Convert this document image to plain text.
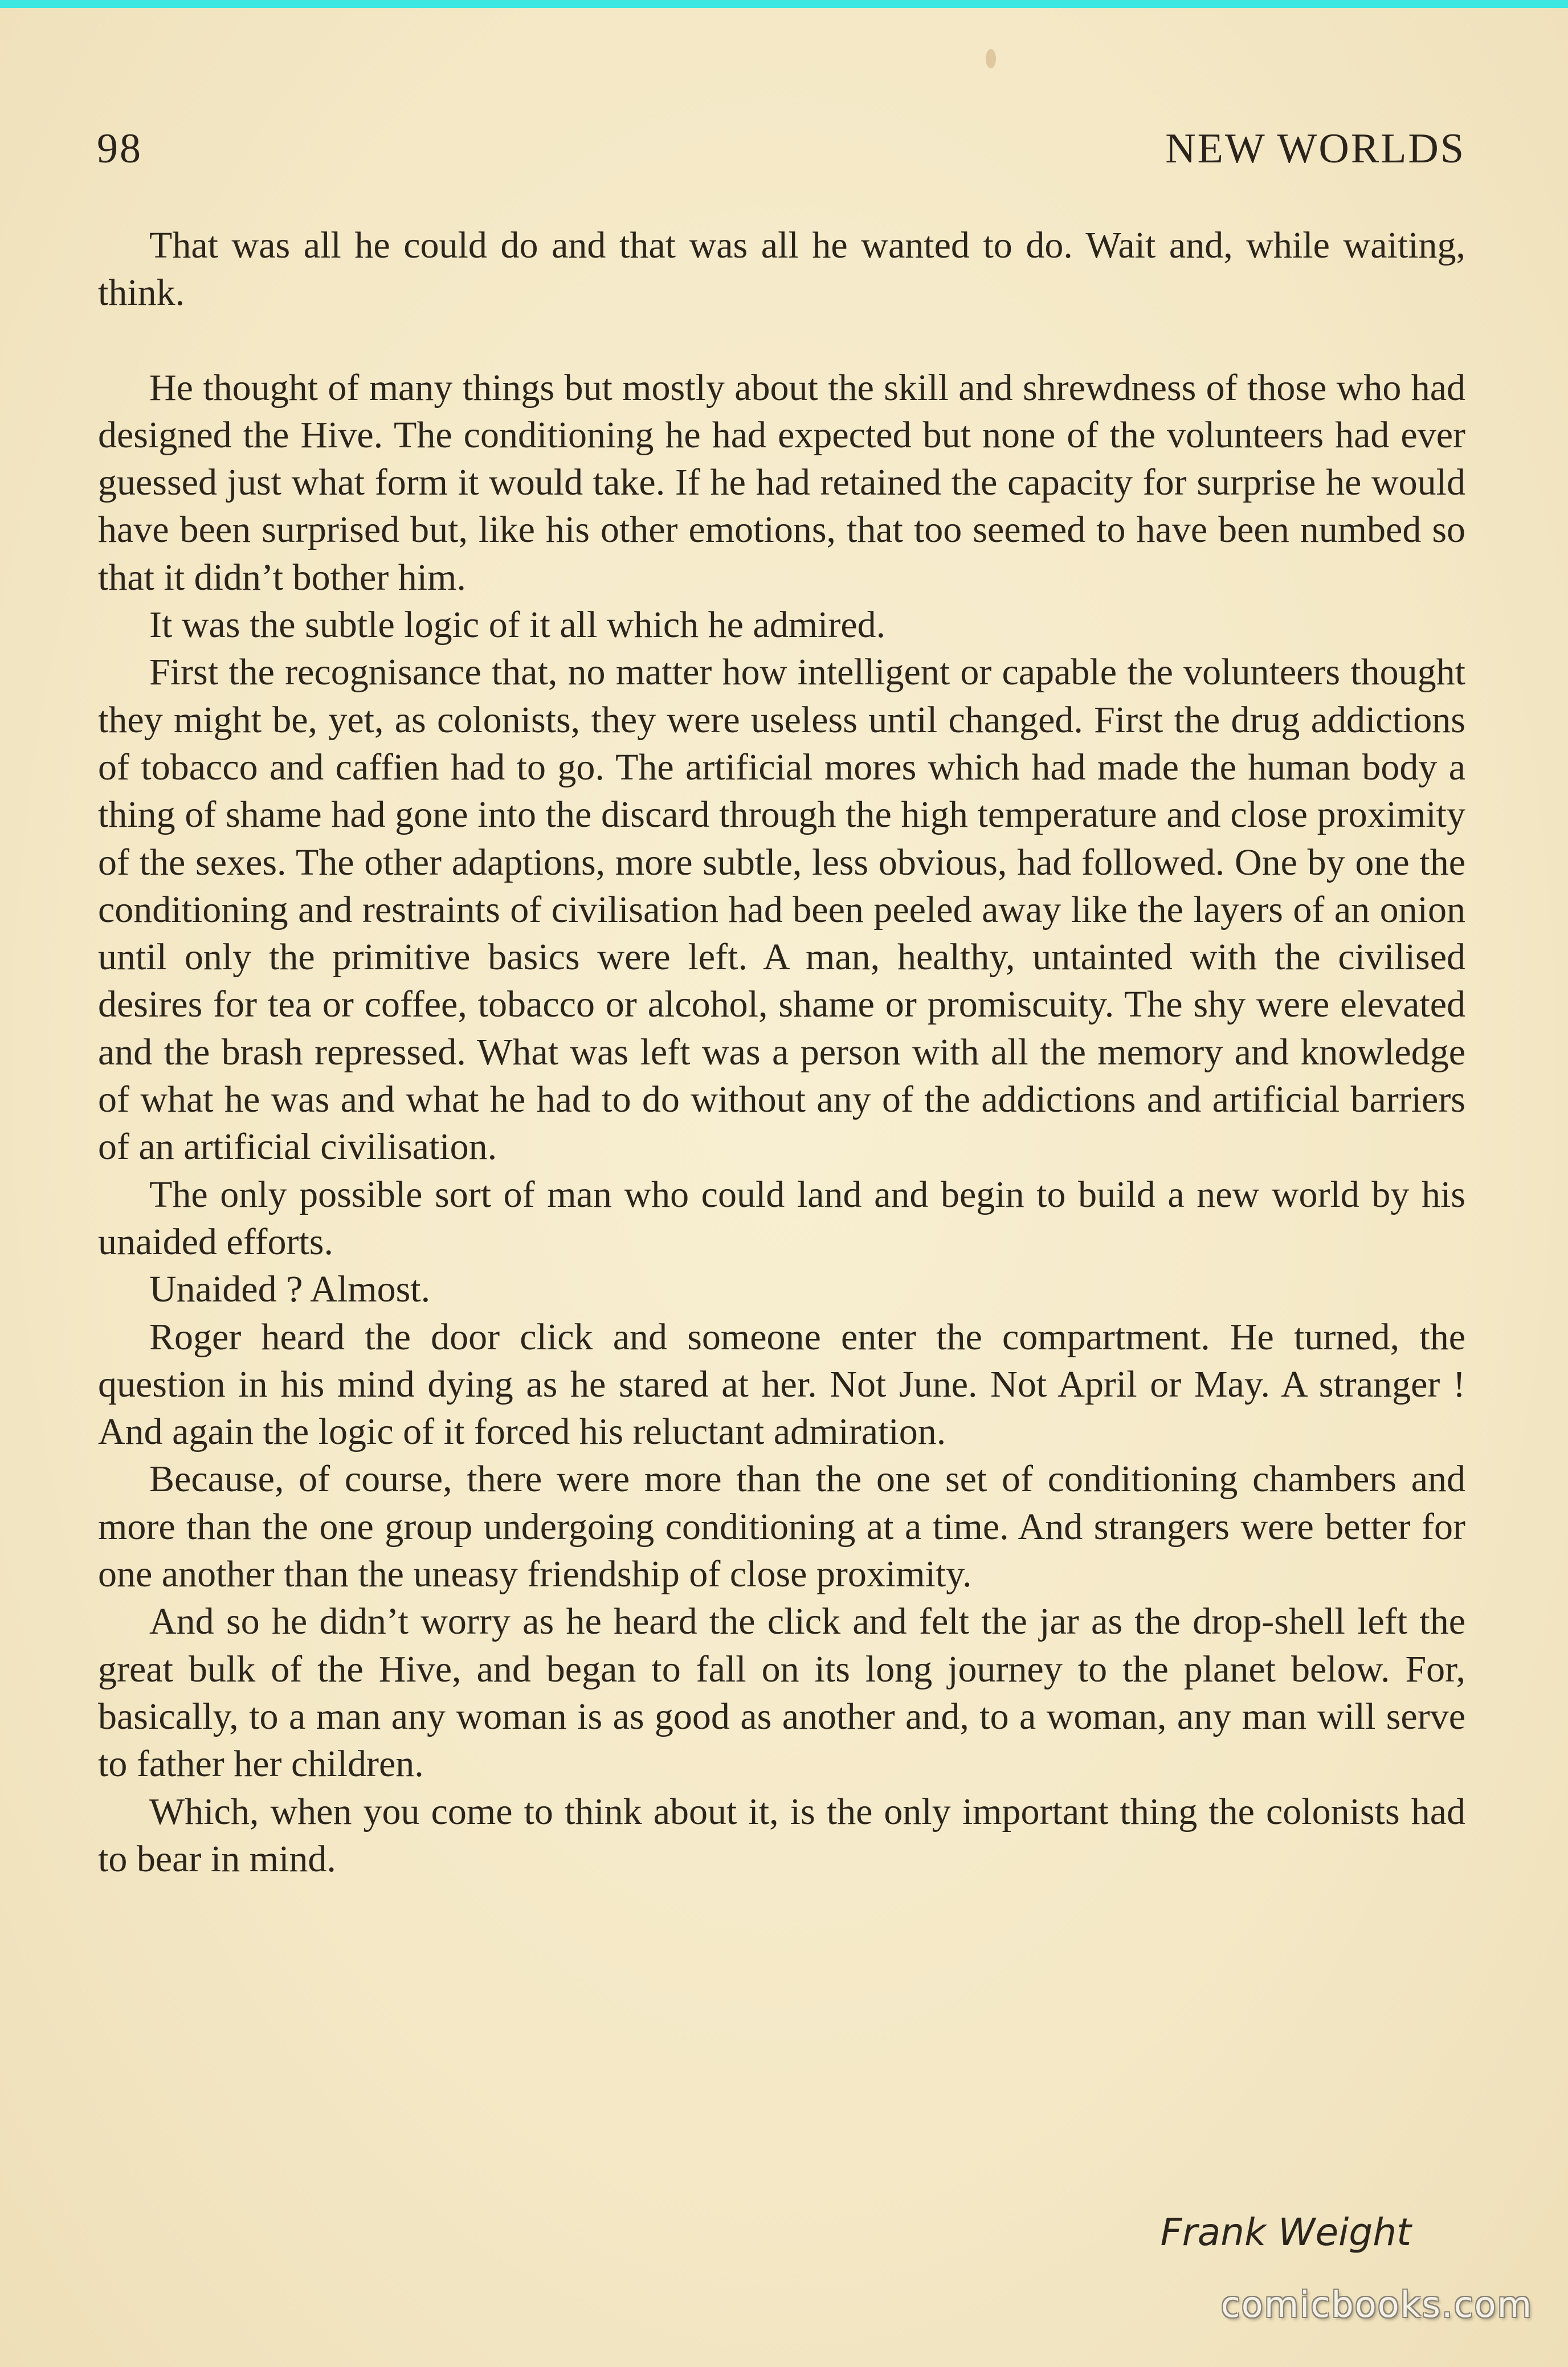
98	NEW WORLDS

That was all he could do and that was all he wanted to do. Wait and, while waiting, think.

He thought of many things but mostly about the skill and shrewdness of those who had designed the Hive. The conditioning he had expected but none of the volunteers had ever guessed just what form it would take. If he had retained the capacity for surprise he would have been surprised but, like his other emotions, that too seemed to have been numbed so that it didn’t bother him.

It was the subtle logic of it all which he admired.

First the recognisance that, no matter how intelligent or capable the volunteers thought they might be, yet, as colonists, they were useless until changed. First the drug addictions of tobacco and caffien had to go. The artificial mores which had made the human body a thing of shame had gone into the discard through the high temperature and close proximity of the sexes. The other adaptions, more subtle, less obvious, had followed. One by one the conditioning and restraints of civilisation had been peeled away like the layers of an onion until only the primitive basics were left. A man, healthy, untainted with the civilised desires for tea or coffee, tobacco or alcohol, shame or promiscuity. The shy were elevated and the brash repressed. What was left was a person with all the memory and knowledge of what he was and what he had to do without any of the addictions and artificial barriers of an artificial civilisation.

The only possible sort of man who could land and begin to build a new world by his unaided efforts.

Unaided ? Almost.

Roger heard the door click and someone enter the compartment. He turned, the question in his mind dying as he stared at her. Not June. Not April or May. A stranger ! And again the logic of it forced his reluctant admiration.

Because, of course, there were more than the one set of conditioning chambers and more than the one group undergoing conditioning at a time. And strangers were better for one another than the uneasy friendship of close proximity.

And so he didn’t worry as he heard the click and felt the jar as the drop-shell left the great bulk of the Hive, and began to fall on its long journey to the planet below. For, basically, to a man any woman is as good as another and, to a woman, any man will serve to father her children.

Which, when you come to think about it, is the only important thing the colonists had to bear in mind.

Frank Weight
comicbooks.com
